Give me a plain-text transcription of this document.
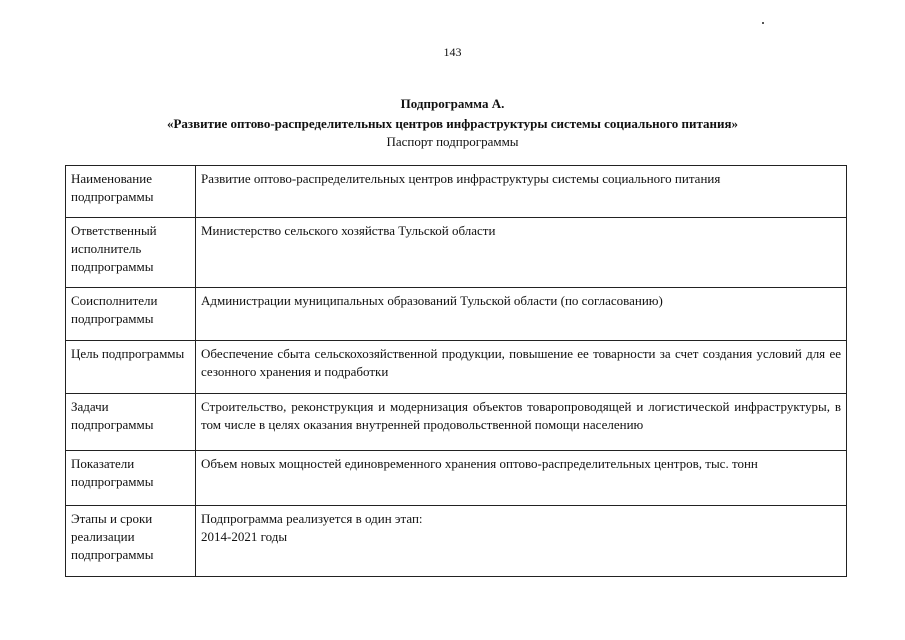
143
Подпрограмма А.
«Развитие оптово-распределительных центров инфраструктуры системы социального питания»
Паспорт подпрограммы
Наименование подпрограммы	Развитие оптово-распределительных центров инфраструктуры системы социального питания
Ответственный исполнитель подпрограммы	Министерство сельского хозяйства Тульской области
Соисполнители подпрограммы	Администрации муниципальных образований Тульской области (по согласованию)
Цель подпрограммы	Обеспечение сбыта сельскохозяйственной продукции, повышение ее товарности за счет создания условий для ее сезонного хранения и подработки
Задачи подпрограммы	Строительство, реконструкция и модернизация объектов товаропроводящей и логистической инфраструктуры, в том числе в целях оказания внутренней продовольственной помощи населению
Показатели подпрограммы	Объем новых мощностей единовременного хранения оптово-распределительных центров, тыс. тонн
Этапы и сроки реализации подпрограммы	Подпрограмма реализуется в один этап:
2014-2021 годы
